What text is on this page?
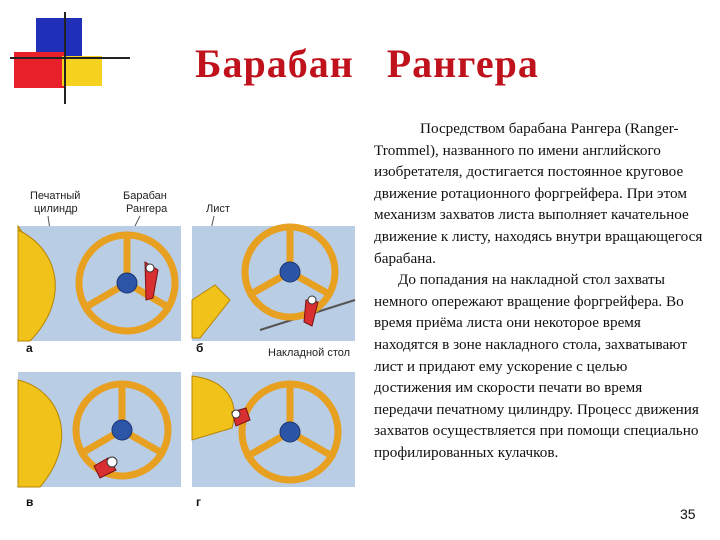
Барабан   Рангера
Печатный
цилиндр
Барабан
Рангера	Лист
Накладной стол
а	б
в	г

Посредством барабана Рангера (Ranger-Trommel), названного по имени английского изобретателя, достигается постоянное круговое движение ротационного форгрейфера. При этом механизм захватов листа выполняет качательное движение к листу, находясь внутри вращающегося барабана.

До попадания на накладной стол захваты немного опережают вращение форгрейфера. Во время приёма листа они некоторое время находятся в зоне накладного стола, захватывают лист и придают ему ускорение с целью достижения им скорости печати во время передачи печатному цилиндру. Процесс движения захватов осуществляется при помощи специально профилированных кулачков.

35
